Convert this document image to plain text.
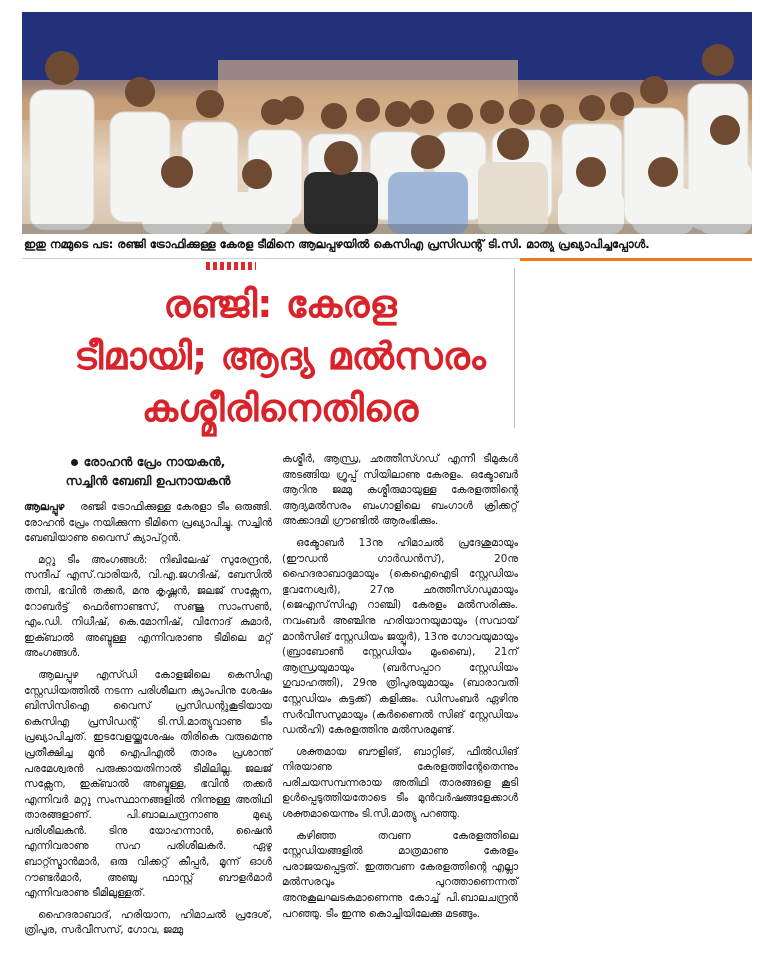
ഇതു നമ്മുടെ പട: രഞ്ജി ട്രോഫിക്കുള്ള കേരള ടീമിനെ ആലപ്പുഴയിൽ കെസിഎ പ്രസിഡന്റ് ടി.സി. മാത്യു പ്രഖ്യാപിച്ചപ്പോൾ.
രഞ്ജി: കേരള
ടീമായി; ആദ്യ മൽസരം
കശ്മീരിനെതിരെ
രോഹൻ പ്രേം നായകൻ,
സച്ചിൻ ബേബി ഉപനായകൻ

ആലപ്പുഴ രഞ്ജി ട്രോഫിക്കുള്ള കേരളാ ടീം ഒരുങ്ങി. രോഹൻ പ്രേം നയിക്കുന്ന ടീമിനെ പ്രഖ്യാപിച്ചു. സച്ചിൻ ബേബിയാണു വൈസ് ക്യാപ്റ്റൻ.

മറ്റു ടീം അംഗങ്ങൾ: നിഖിലേഷ് സുരേന്ദ്രൻ, സന്ദീപ് എസ്.വാരിയർ, വി.എ.ജഗദീഷ്, ബേസിൽ തമ്പി, ഭവിൻ തക്കർ, മനു കൃഷ്ണൻ, ജലജ് സക്സേന, റോബർട്ട് ഫെർണാണ്ടസ്, സഞ്ജു സാംസൺ, എം.ഡി. നിധീഷ്, കെ.മോനിഷ്, വിനോദ് കുമാർ, ഇക്ബാൽ അബ്ദുള്ള എന്നിവരാണു ടീമിലെ മറ്റ് അംഗങ്ങൾ.

ആലപ്പുഴ എസ്ഡി കോളജിലെ കെസിഎ സ്റ്റേഡിയത്തിൽ നടന്ന പരിശീലന ക്യാംപിനു ശേഷം ബിസിസിഐ വൈസ് പ്രസിഡന്റുകൂടിയായ കെസിഎ പ്രസിഡന്റ് ടി.സി.മാത്യുവാണു ടീം പ്രഖ്യാപിച്ചത്. ഇടവേളയ്ക്കുശേഷം തിരികെ വരുമെന്നു പ്രതീക്ഷിച്ച മുൻ ഐപിഎൽ താരം പ്രശാന്ത് പരമേശ്വരൻ പരുക്കായതിനാൽ ടീമിലില്ല. ജലജ് സക്സേന, ഇക്ബാൽ അബ്ദുള്ള, ഭവിൻ തക്കർ എന്നിവർ മറ്റു സംസ്ഥാനങ്ങളിൽ നിന്നുള്ള അതിഥി താരങ്ങളാണ്. പി.ബാലചന്ദ്രനാണു മുഖ്യ പരിശീലകൻ. ടിനു യോഹന്നാൻ, ഷൈൻ എന്നിവരാണു സഹ പരിശീലകർ. ഏഴു ബാറ്റ്സ്മാൻമാർ, ഒരു വിക്കറ്റ് കീപ്പർ, മൂന്ന് ഓൾ റൗണ്ടർമാർ, അഞ്ചു ഫാസ്റ്റ് ബൗളർമാർ എന്നിവരാണു ടീമിലുള്ളത്.

ഹൈദരാബാദ്, ഹരിയാന, ഹിമാചൽ പ്രദേശ്, ത്രിപുര, സർവീസസ്, ഗോവ, ജമ്മു

കശ്മീർ, ആന്ധ്ര, ഛത്തീസ്ഗഡ് എന്നീ ടീമുകൾ അടങ്ങിയ ഗ്രൂപ്പ് സിയിലാണു കേരളം. ഒക്ടോബർ ആറിനു ജമ്മു കശ്മീരുമായുള്ള കേരളത്തിന്റെ ആദ്യമൽസരം ബംഗാളിലെ ബംഗാൾ ക്രിക്കറ്റ് അക്കാദമി ഗ്രൗണ്ടിൽ ആരംഭിക്കും.

ഒക്ടോബർ 13നു ഹിമാചൽ പ്രദേശുമായും (ഈഡൻ ഗാർഡൻസ്), 20നു ഹൈദരാബാദുമായും (കെഐഐടി സ്റ്റേഡിയം ഭുവനേശ്വർ), 27നു ഛത്തീസ്ഗഡുമായും (ജെഎസ്‌സിഎ റാഞ്ചി) കേരളം മൽസരിക്കും. നവംബർ അഞ്ചിനു ഹരിയാനയുമായും (സവായ് മാൻസിങ് സ്റ്റേഡിയം ജയ്പൂർ), 13നു ഗോവയുമായും (ബ്രാബോൺ സ്റ്റേഡിയം മുംബൈ), 21ന് ആന്ധ്രയുമായും (ബർസപ്പാറ സ്റ്റേഡിയം ഗുവാഹത്തി), 29നു ത്രിപുരയുമായും (ബാരാവതി സ്റ്റേഡിയം കട്ടക്ക്) കളിക്കും. ഡിസംബർ ഏഴിനു സർവീസസുമായും (കർണൈൽ സിങ് സ്റ്റേഡിയം ഡൽഹി) കേരളത്തിനു മൽസരമുണ്ട്.

ശക്തമായ ബൗളിങ്, ബാറ്റിങ്, ഫീൽഡിങ് നിരയാണു കേരളത്തിന്റേതെന്നും പരിചയസമ്പന്നരായ അതിഥി താരങ്ങളെ കൂടി ഉൾപ്പെടുത്തിയതോടെ ടീം മുൻവർഷങ്ങളേക്കാൾ ശക്തമായെന്നും ടി.സി.മാത്യു പറഞ്ഞു.

കഴിഞ്ഞ തവണ കേരളത്തിലെ സ്റ്റേഡിയങ്ങളിൽ മാത്രമാണു കേരളം പരാജയപ്പെട്ടത്. ഇത്തവണ കേരളത്തിന്റെ എല്ലാ മൽസരവും പുറത്താണെന്നത് അനുകൂലഘടകമാണെന്നു കോച്ച് പി.ബാലചന്ദ്രൻ പറഞ്ഞു. ടീം ഇന്നു കൊച്ചിയിലേക്കു മടങ്ങും.
